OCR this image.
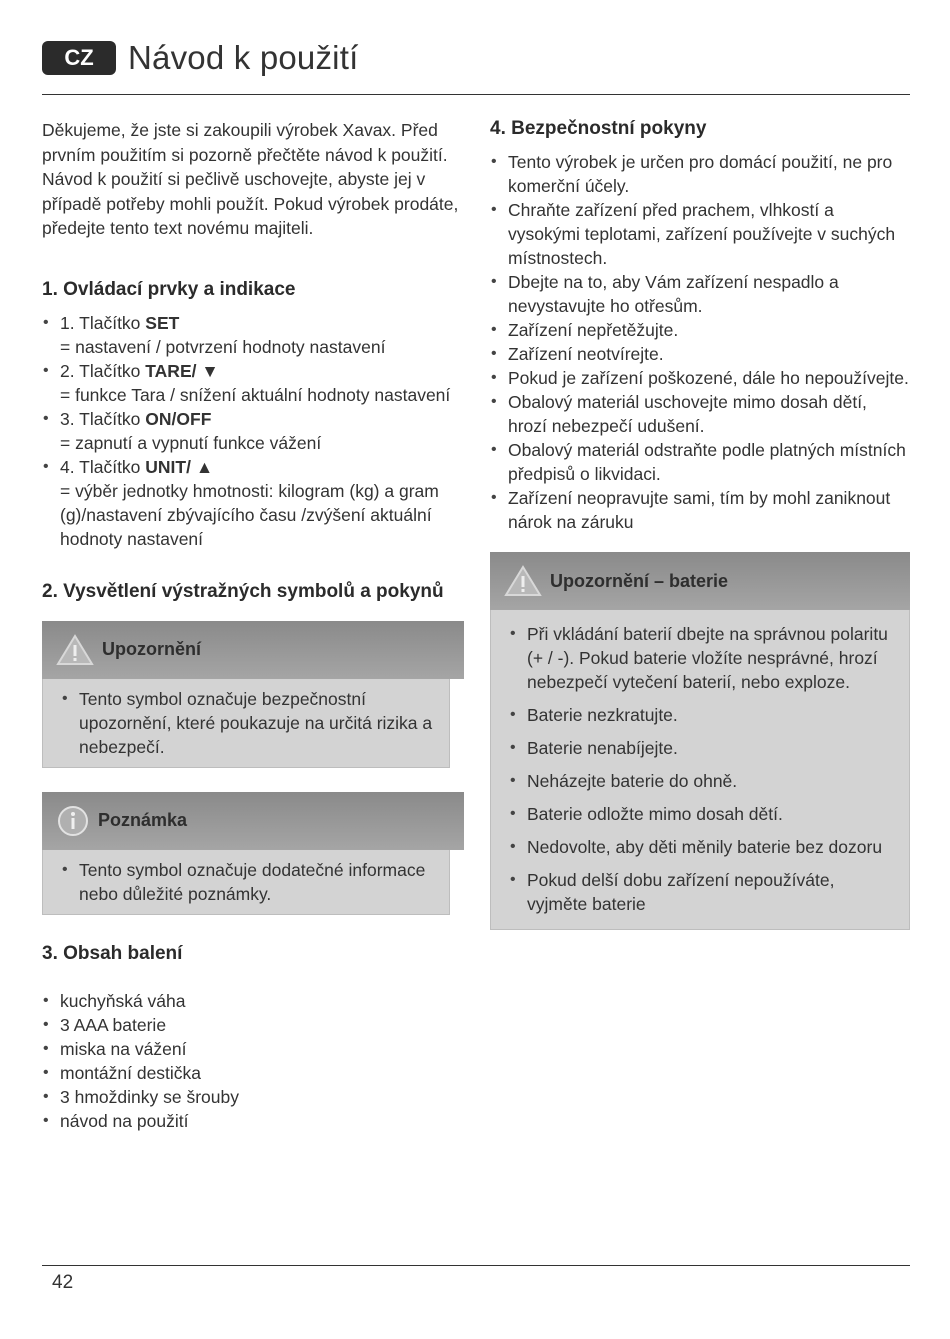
CZ	Návod k použití

Děkujeme, že jste si zakoupili výrobek Xavax. Před prvním použitím si pozorně přečtěte návod k použití. Návod k použití si pečlivě uschovejte, abyste jej v případě potřeby mohli použít. Pokud výrobek prodáte, předejte tento text novému majiteli.

1. Ovládací prvky a indikace
• 1. Tlačítko SET
= nastavení / potvrzení hodnoty nastavení
• 2. Tlačítko TARE/ ▼
= funkce Tara / snížení aktuální hodnoty nastavení
• 3. Tlačítko ON/OFF
= zapnutí a vypnutí funkce vážení
• 4. Tlačítko UNIT/ ▲
= výběr jednotky hmotnosti: kilogram (kg) a gram (g)/nastavení zbývajícího času /zvýšení aktuální hodnoty nastavení
2. Vysvětlení výstražných symbolů a pokynů
Upozornění
• Tento symbol označuje bezpečnostní upozornění, které poukazuje na určitá rizika a nebezpečí.
Poznámka
• Tento symbol označuje dodatečné informace nebo důležité poznámky.
3. Obsah balení
• kuchyňská váha
• 3 AAA baterie
• miska na vážení
• montážní destička
• 3 hmoždinky se šrouby
• návod na použití
4. Bezpečnostní pokyny
• Tento výrobek je určen pro domácí použití, ne pro komerční účely.
• Chraňte zařízení před prachem, vlhkostí a vysokými teplotami, zařízení používejte v suchých místnostech.
• Dbejte na to, aby Vám zařízení nespadlo a nevystavujte ho otřesům.
• Zařízení nepřetěžujte.
• Zařízení neotvírejte.
• Pokud je zařízení poškozené, dále ho nepoužívejte.
• Obalový materiál uschovejte mimo dosah dětí, hrozí nebezpečí udušení.
• Obalový materiál odstraňte podle platných místních předpisů o likvidaci.
• Zařízení neopravujte sami, tím by mohl zaniknout nárok na záruku
Upozornění – baterie
• Při vkládání baterií dbejte na správnou polaritu (+ / -). Pokud baterie vložíte nesprávné, hrozí nebezpečí vytečení baterií, nebo exploze.
• Baterie nezkratujte.
• Baterie nenabíjejte.
• Neházejte baterie do ohně.
• Baterie odložte mimo dosah dětí.
• Nedovolte, aby děti měnily baterie bez dozoru
• Pokud delší dobu zařízení nepoužíváte, vyjměte baterie
42
